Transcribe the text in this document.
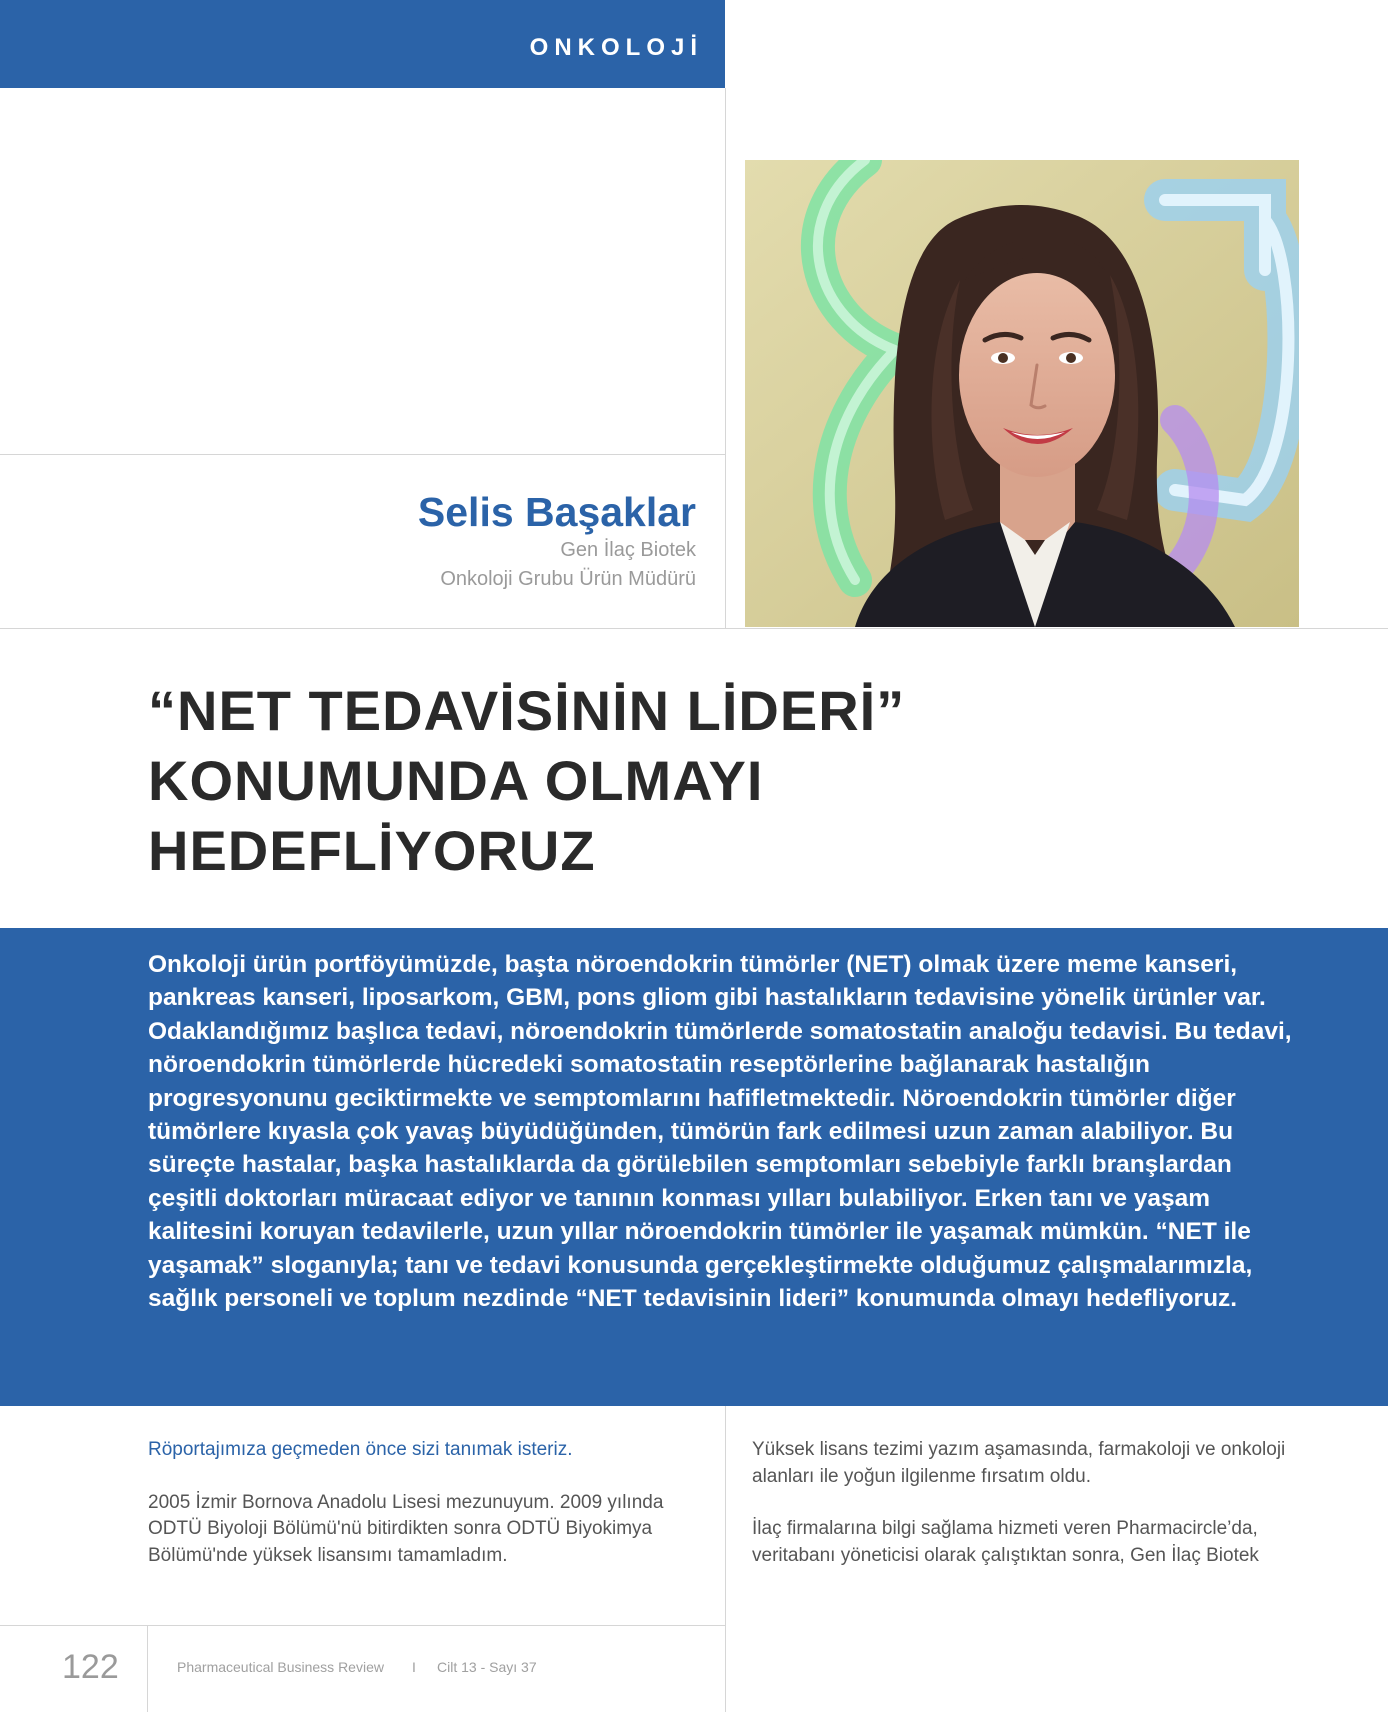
ONKOLOJİ
Selis Başaklar
Gen İlaç Biotek
Onkoloji Grubu Ürün Müdürü
“NET TEDAVİSİNİN LİDERİ”
KONUMUNDA OLMAYI
HEDEFLİYORUZ

Onkoloji ürün portföyümüzde, başta nöroendokrin tümörler (NET) olmak üzere meme kanseri, pankreas kanseri, liposarkom, GBM, pons gliom gibi hastalıkların tedavisine yönelik ürünler var. Odaklandığımız başlıca tedavi, nöroendokrin tümörlerde somatostatin analoğu tedavisi. Bu tedavi, nöroendokrin tümörlerde hücredeki somatostatin reseptörlerine bağlanarak hastalığın progresyonunu geciktirmekte ve semptomlarını hafifletmektedir. Nöroendokrin tümörler diğer tümörlere kıyasla çok yavaş büyüdüğünden, tümörün fark edilmesi uzun zaman alabiliyor. Bu süreçte hastalar, başka hastalıklarda da görülebilen semptomları sebebiyle farklı branşlardan çeşitli doktorları müracaat ediyor ve tanının konması yılları bulabiliyor. Erken tanı ve yaşam kalitesini koruyan tedavilerle, uzun yıllar nöroendokrin tümörler ile yaşamak mümkün. “NET ile yaşamak” sloganıyla; tanı ve tedavi konusunda gerçekleştirmekte olduğumuz çalışmalarımızla, sağlık personeli ve toplum nezdinde “NET tedavisinin lideri” konumunda olmayı hedefliyoruz.

Röportajımıza geçmeden önce sizi tanımak isteriz.

2005 İzmir Bornova Anadolu Lisesi mezunuyum. 2009 yılında ODTÜ Biyoloji Bölümü'nü bitirdikten sonra ODTÜ Biyokimya Bölümü'nde yüksek lisansımı tamamladım.

Yüksek lisans tezimi yazım aşamasında, farmakoloji ve onkoloji alanları ile yoğun ilgilenme fırsatım oldu.

İlaç firmalarına bilgi sağlama hizmeti veren Pharmacircle’da, veritabanı yöneticisi olarak çalıştıktan sonra, Gen İlaç Biotek

122	Pharmaceutical Business Review I Cilt 13 - Sayı 37
